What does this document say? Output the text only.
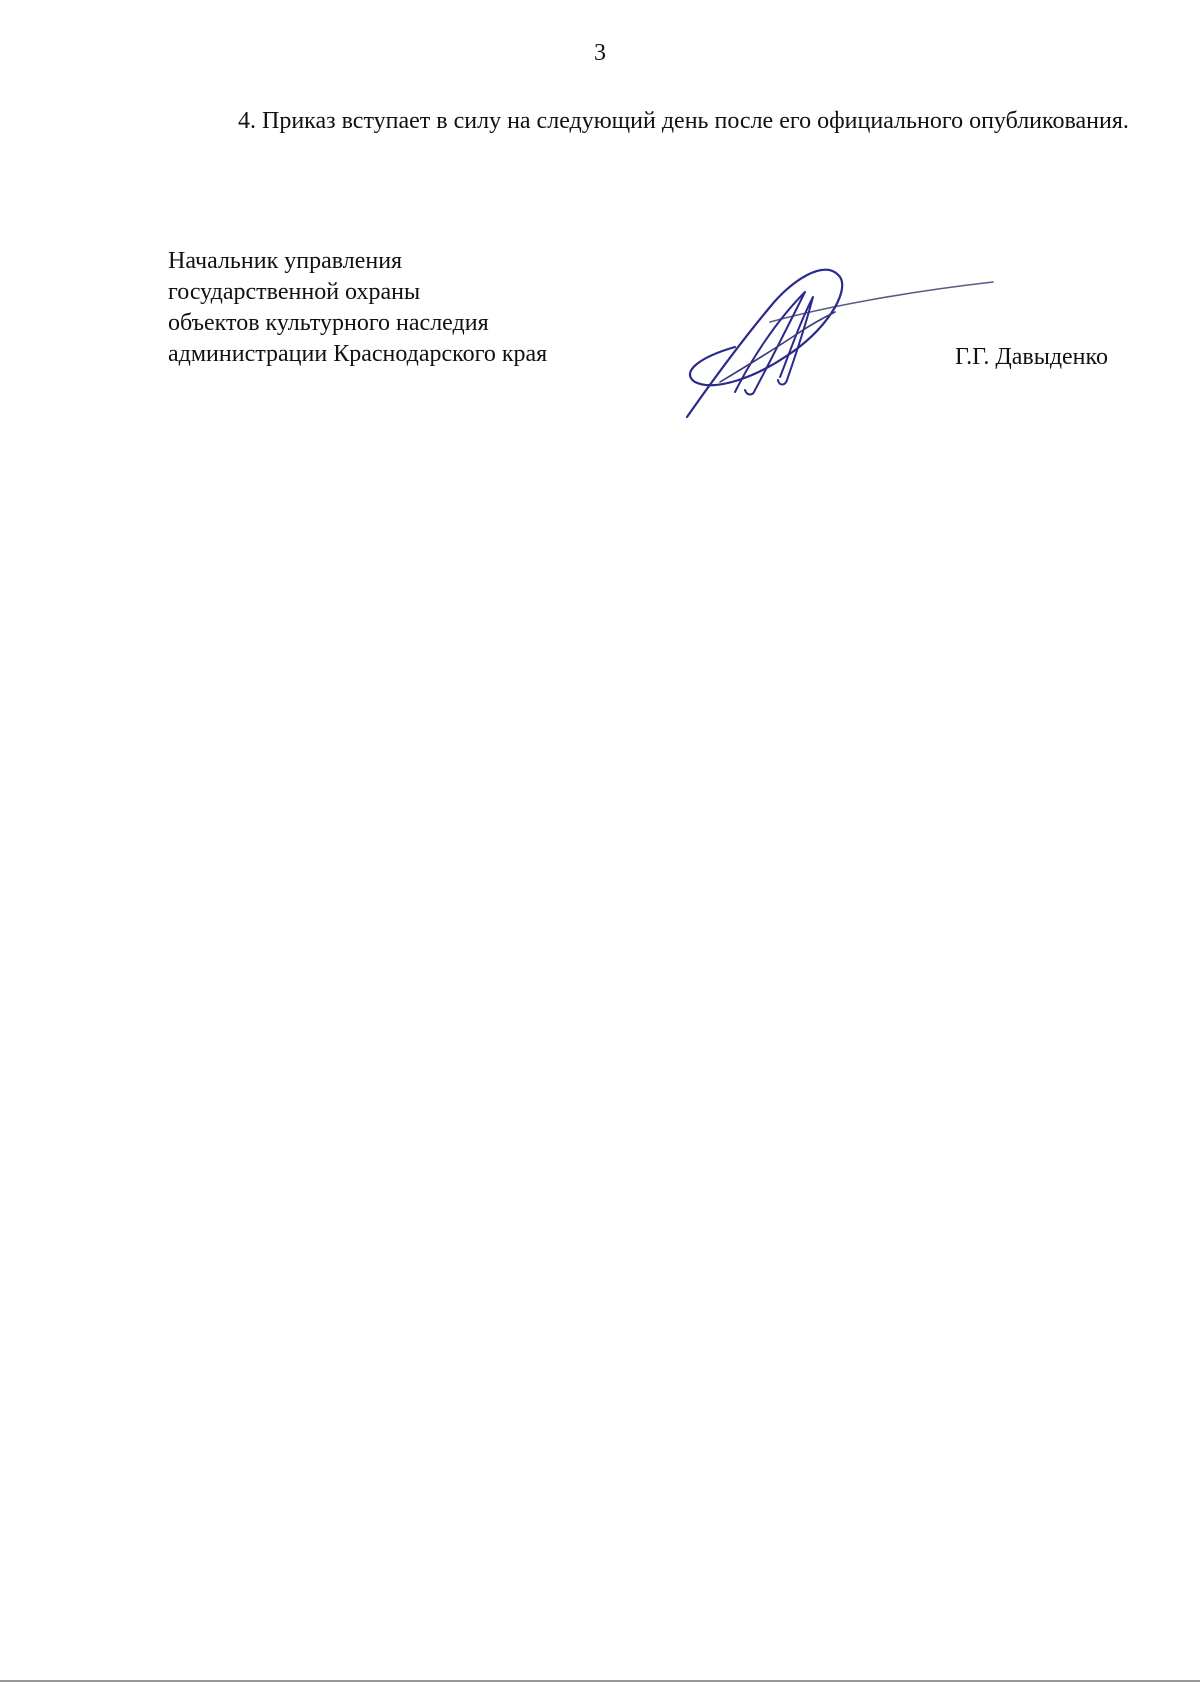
3

4. Приказ вступает в силу на следующий день после его официального опубликования.

Начальник управления
государственной охраны
объектов культурного наследия
администрации Краснодарского края	Г.Г. Давыденко
